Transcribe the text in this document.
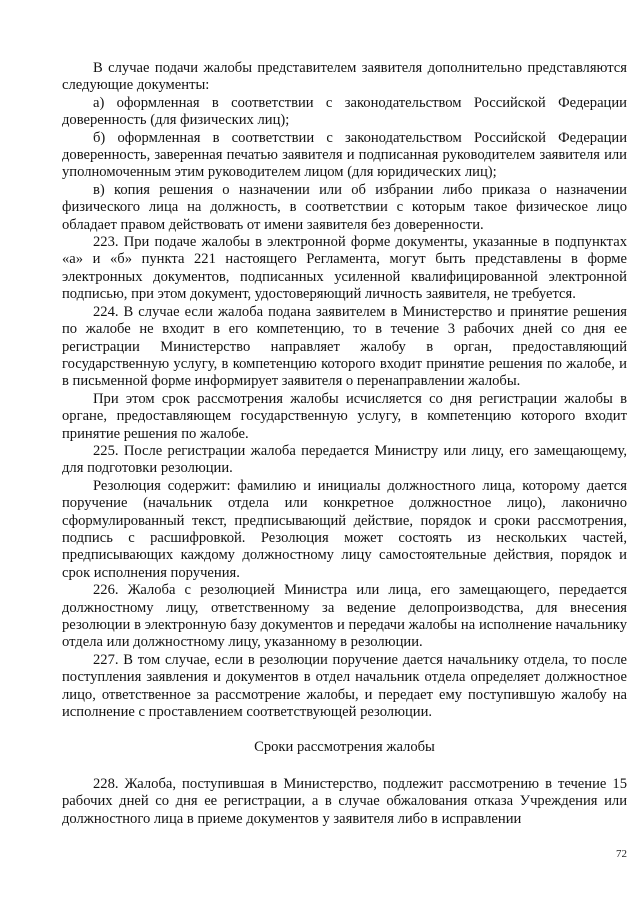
В случае подачи жалобы представителем заявителя дополнительно представляются следующие документы:

а) оформленная в соответствии с законодательством Российской Федерации доверенность (для физических лиц);

б) оформленная в соответствии с законодательством Российской Федерации доверенность, заверенная печатью заявителя и подписанная руководителем заявителя или уполномоченным этим руководителем лицом (для юридических лиц);

в) копия решения о назначении или об избрании либо приказа о назначении физического лица на должность, в соответствии с которым такое физическое лицо обладает правом действовать от имени заявителя без доверенности.

223. При подаче жалобы в электронной форме документы, указанные в подпунктах «а» и «б» пункта 221 настоящего Регламента, могут быть представлены в форме электронных документов, подписанных усиленной квалифицированной электронной подписью, при этом документ, удостоверяющий личность заявителя, не требуется.

224. В случае если жалоба подана заявителем в Министерство и принятие решения по жалобе не входит в его компетенцию, то в течение 3 рабочих дней со дня ее регистрации Министерство направляет жалобу в орган, предоставляющий государственную услугу, в компетенцию которого входит принятие решения по жалобе, и в письменной форме информирует заявителя о перенаправлении жалобы.

При этом срок рассмотрения жалобы исчисляется со дня регистрации жалобы в органе, предоставляющем государственную услугу, в компетенцию которого входит принятие решения по жалобе.

225. После регистрации жалоба передается Министру или лицу, его замещающему, для подготовки резолюции.

Резолюция содержит: фамилию и инициалы должностного лица, которому дается поручение (начальник отдела или конкретное должностное лицо), лаконично сформулированный текст, предписывающий действие, порядок и сроки рассмотрения, подпись с расшифровкой. Резолюция может состоять из нескольких частей, предписывающих каждому должностному лицу самостоятельные действия, порядок и срок исполнения поручения.

226. Жалоба с резолюцией Министра или лица, его замещающего, передается должностному лицу, ответственному за ведение делопроизводства, для внесения резолюции в электронную базу документов и передачи жалобы на исполнение начальнику отдела или должностному лицу, указанному в резолюции.

227. В том случае, если в резолюции поручение дается начальнику отдела, то после поступления заявления и документов в отдел начальник отдела определяет должностное лицо, ответственное за рассмотрение жалобы, и передает ему поступившую жалобу на исполнение с проставлением соответствующей резолюции.

Сроки рассмотрения жалобы

228. Жалоба, поступившая в Министерство, подлежит рассмотрению в течение 15 рабочих дней со дня ее регистрации, а в случае обжалования отказа Учреждения или должностного лица в приеме документов у заявителя либо в исправлении

72
